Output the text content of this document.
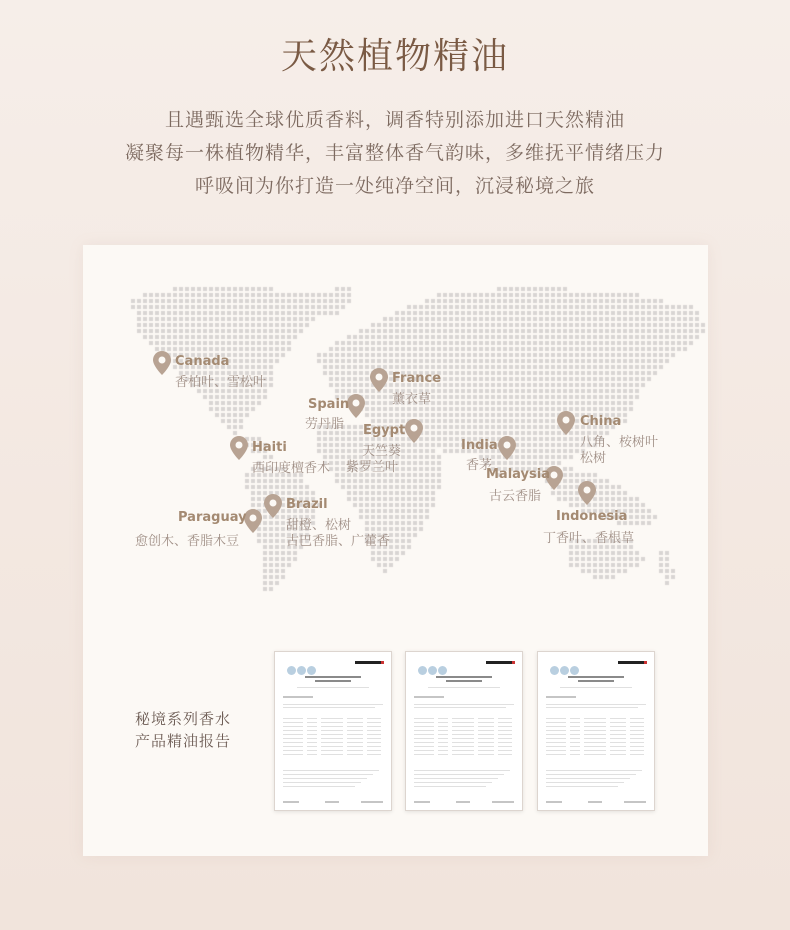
天然植物精油
且遇甄选全球优质香料，调香特别添加进口天然精油
凝聚每一株植物精华，丰富整体香气韵味，多维抚平情绪压力
呼吸间为你打造一处纯净空间，沉浸秘境之旅
Canada
香柏叶、雪松叶	France
薰衣草
Spain
劳丹脂 Egypt
天竺葵
紫罗兰叶
Haiti
西印度檀香木
India
香茅
China
八角、桉树叶
松树
Malaysia
古云香脂
Indonesia
丁香叶、香根草
Brazil
甜橙、松树
古巴香脂、广藿香
Paraguay
愈创木、香脂木豆
秘境系列香水
产品精油报告
